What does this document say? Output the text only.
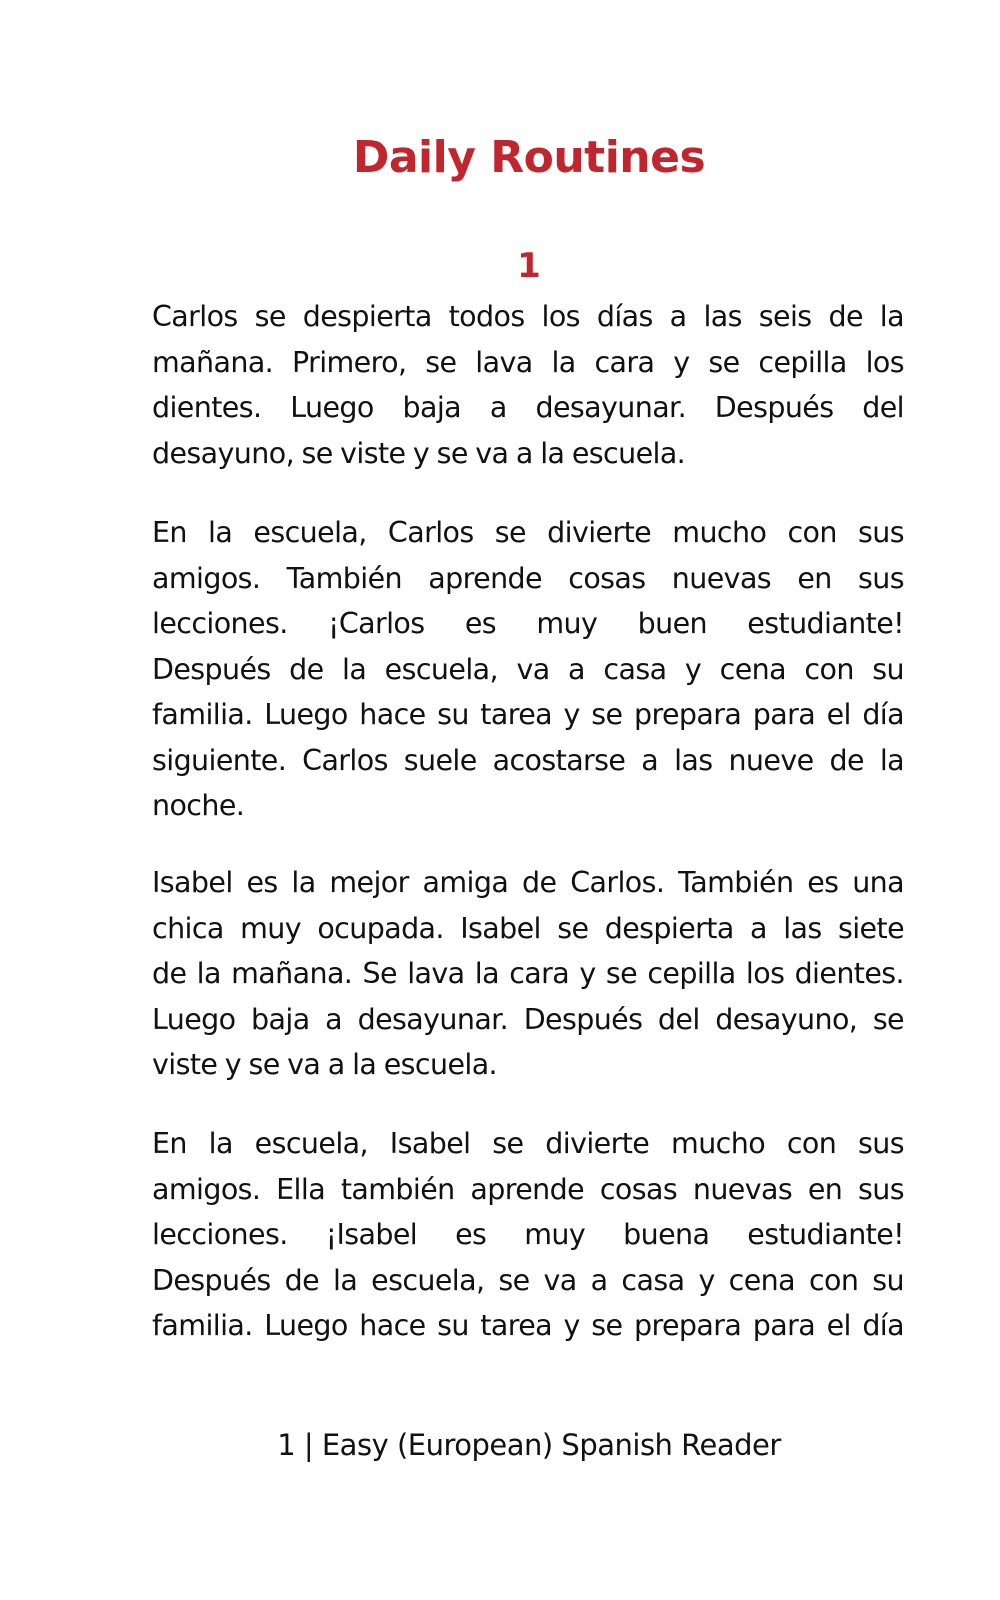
Daily Routines
1
Carlos se despierta todos los días a las seis de la
mañana. Primero, se lava la cara y se cepilla los
dientes. Luego baja a desayunar. Después del
desayuno, se viste y se va a la escuela.
En la escuela, Carlos se divierte mucho con sus
amigos. También aprende cosas nuevas en sus
lecciones. ¡Carlos es muy buen estudiante!
Después de la escuela, va a casa y cena con su
familia. Luego hace su tarea y se prepara para el día
siguiente. Carlos suele acostarse a las nueve de la
noche.
Isabel es la mejor amiga de Carlos. También es una
chica muy ocupada. Isabel se despierta a las siete
de la mañana. Se lava la cara y se cepilla los dientes.
Luego baja a desayunar. Después del desayuno, se
viste y se va a la escuela.
En la escuela, Isabel se divierte mucho con sus
amigos. Ella también aprende cosas nuevas en sus
lecciones. ¡Isabel es muy buena estudiante!
Después de la escuela, se va a casa y cena con su
familia. Luego hace su tarea y se prepara para el día
1 | Easy (European) Spanish Reader
